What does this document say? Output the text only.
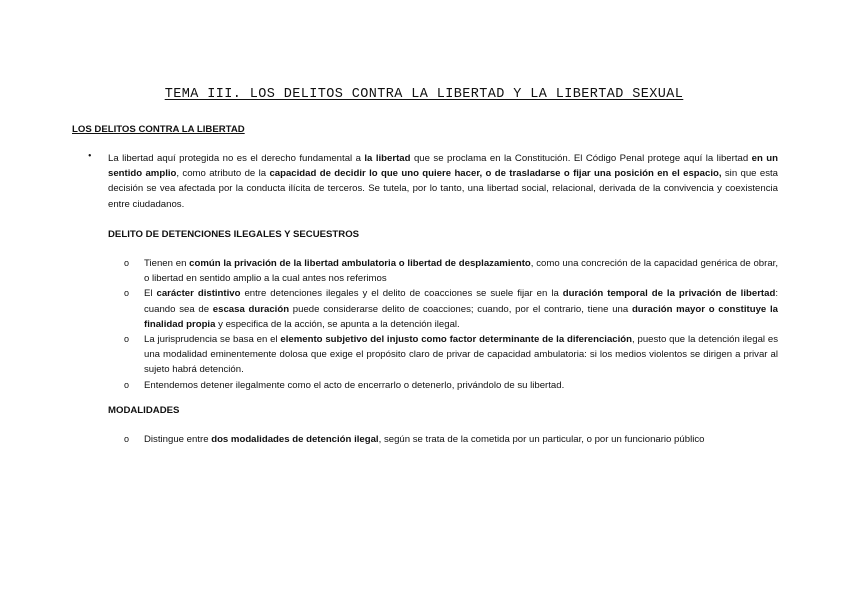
TEMA III. LOS DELITOS CONTRA LA LIBERTAD Y LA LIBERTAD SEXUAL
LOS DELITOS CONTRA LA LIBERTAD
• La libertad aquí protegida no es el derecho fundamental a la libertad que se proclama en la Constitución. El Código Penal protege aquí la libertad en un sentido amplio, como atributo de la capacidad de decidir lo que uno quiere hacer, o de trasladarse o fijar una posición en el espacio, sin que esta decisión se vea afectada por la conducta ilícita de terceros. Se tutela, por lo tanto, una libertad social, relacional, derivada de la convivencia y coexistencia entre ciudadanos.
DELITO DE DETENCIONES ILEGALES Y SECUESTROS
o Tienen en común la privación de la libertad ambulatoria o libertad de desplazamiento, como una concreción de la capacidad genérica de obrar, o libertad en sentido amplio a la cual antes nos referimos
o El carácter distintivo entre detenciones ilegales y el delito de coacciones se suele fijar en la duración temporal de la privación de libertad: cuando sea de escasa duración puede considerarse delito de coacciones; cuando, por el contrario, tiene una duración mayor o constituye la finalidad propia y especifica de la acción, se apunta a la detención ilegal.
o La jurisprudencia se basa en el elemento subjetivo del injusto como factor determinante de la diferenciación, puesto que la detención ilegal es una modalidad eminentemente dolosa que exige el propósito claro de privar de capacidad ambulatoria: si los medios violentos se dirigen a privar al sujeto habrá detención.
o Entendemos detener ilegalmente como el acto de encerrarlo o detenerlo, privándolo de su libertad.
MODALIDADES
o Distingue entre dos modalidades de detención ilegal, según se trata de la cometida por un particular, o por un funcionario público
